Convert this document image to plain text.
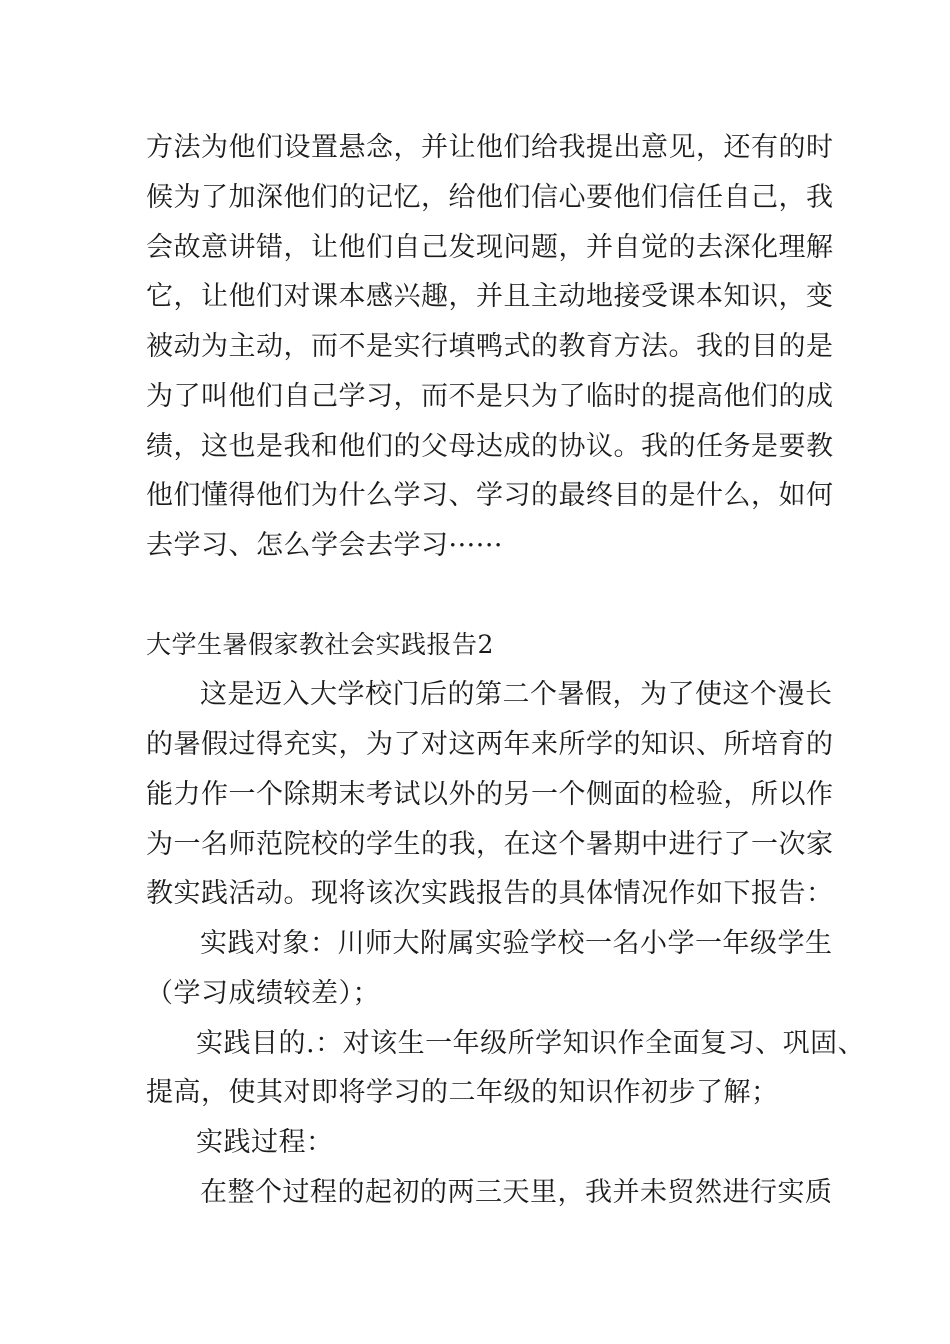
方法为他们设置悬念，并让他们给我提出意见，还有的时
候为了加深他们的记忆，给他们信心要他们信任自己，我
会故意讲错，让他们自己发现问题，并自觉的去深化理解
它，让他们对课本感兴趣，并且主动地接受课本知识，变
被动为主动，而不是实行填鸭式的教育方法。我的目的是
为了叫他们自己学习，而不是只为了临时的提高他们的成
绩，这也是我和他们的父母达成的协议。我的任务是要教
他们懂得他们为什么学习、学习的最终目的是什么，如何
去学习、怎么学会去学习······
大学生暑假家教社会实践报告2
这是迈入大学校门后的第二个暑假，为了使这个漫长
的暑假过得充实，为了对这两年来所学的知识、所培育的
能力作一个除期末考试以外的另一个侧面的检验，所以作
为一名师范院校的学生的我，在这个暑期中进行了一次家
教实践活动。现将该次实践报告的具体情况作如下报告：
实践对象：川师大附属实验学校一名小学一年级学生
（学习成绩较差）；
实践目的.：对该生一年级所学知识作全面复习、巩固、
提高，使其对即将学习的二年级的知识作初步了解；
实践过程：
在整个过程的起初的两三天里，我并未贸然进行实质
